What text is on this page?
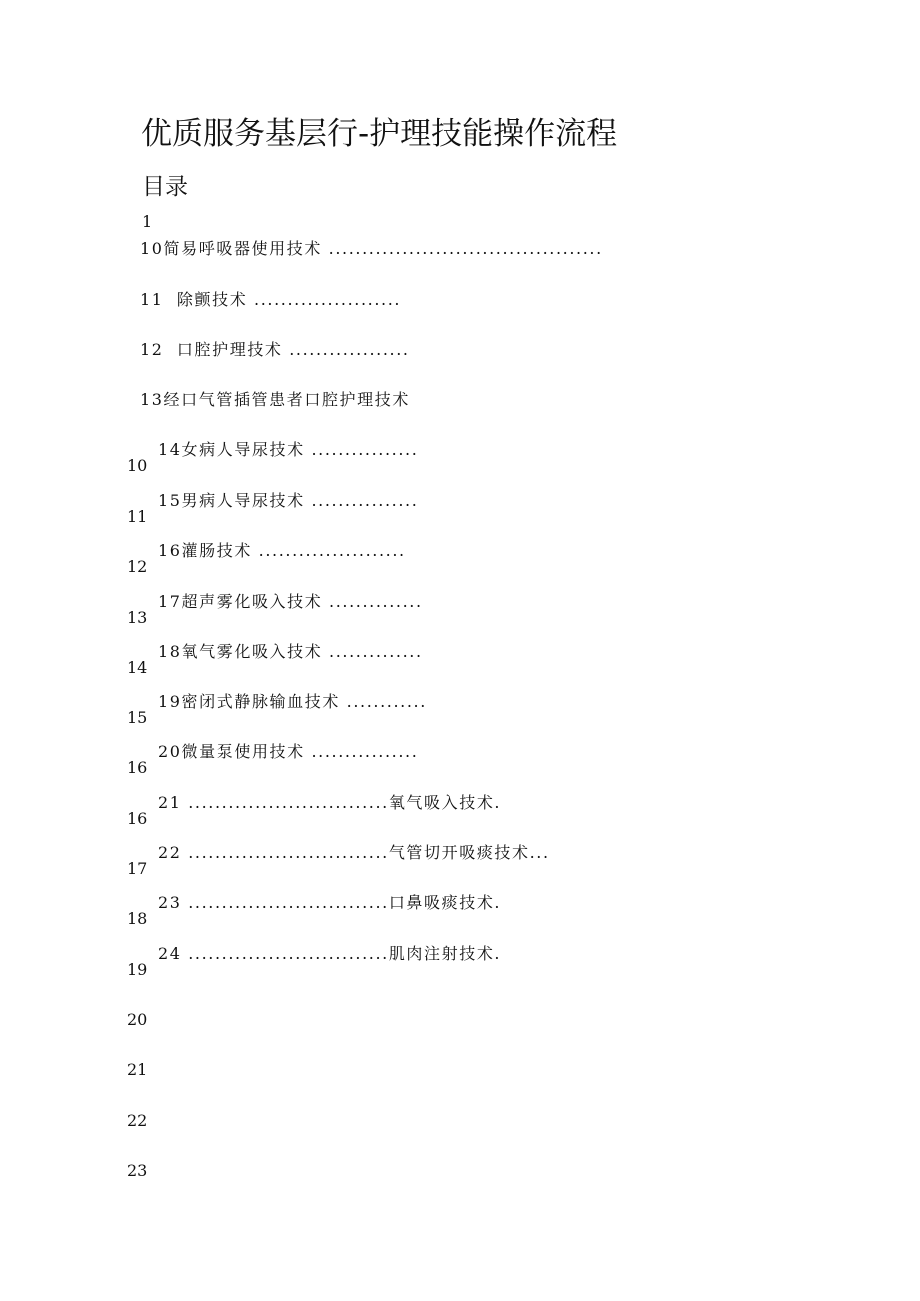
优质服务基层行-护理技能操作流程
目录
1
10简易呼吸器使用技术 .........................................
11  除颤技术 ......................
12  口腔护理技术 ..................
13经口气管插管患者口腔护理技术
14女病人导尿技术 ................
10
15男病人导尿技术 ................
11
16灌肠技术 ......................
12
17超声雾化吸入技术 ..............
13
18氧气雾化吸入技术 ..............
14
19密闭式静脉输血技术 ............
15
20微量泵使用技术 ................
16
21 ..............................氧气吸入技术.
16
22 ..............................气管切开吸痰技术...
17
23 ..............................口鼻吸痰技术.
18
24 ..............................肌肉注射技术.
19
20
21
22
23
